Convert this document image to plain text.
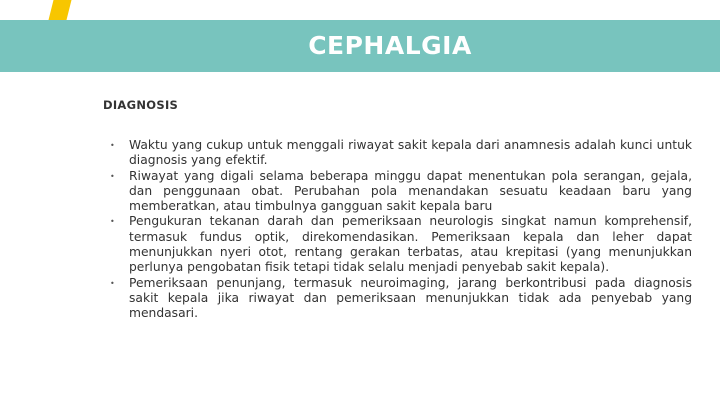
CEPHALGIA
DIAGNOSIS
• Waktu yang cukup untuk menggali riwayat sakit kepala dari anamnesis adalah kunci untuk diagnosis yang efektif.
• Riwayat yang digali selama beberapa minggu dapat menentukan pola serangan, gejala, dan penggunaan obat. Perubahan pola menandakan sesuatu keadaan baru yang memberatkan, atau timbulnya gangguan sakit kepala baru
• Pengukuran tekanan darah dan pemeriksaan neurologis singkat namun komprehensif, termasuk fundus optik, direkomendasikan. Pemeriksaan kepala dan leher dapat menunjukkan nyeri otot, rentang gerakan terbatas, atau krepitasi (yang menunjukkan perlunya pengobatan fisik tetapi tidak selalu menjadi penyebab sakit kepala).
• Pemeriksaan penunjang, termasuk neuroimaging, jarang berkontribusi pada diagnosis sakit kepala jika riwayat dan pemeriksaan menunjukkan tidak ada penyebab yang mendasari.
